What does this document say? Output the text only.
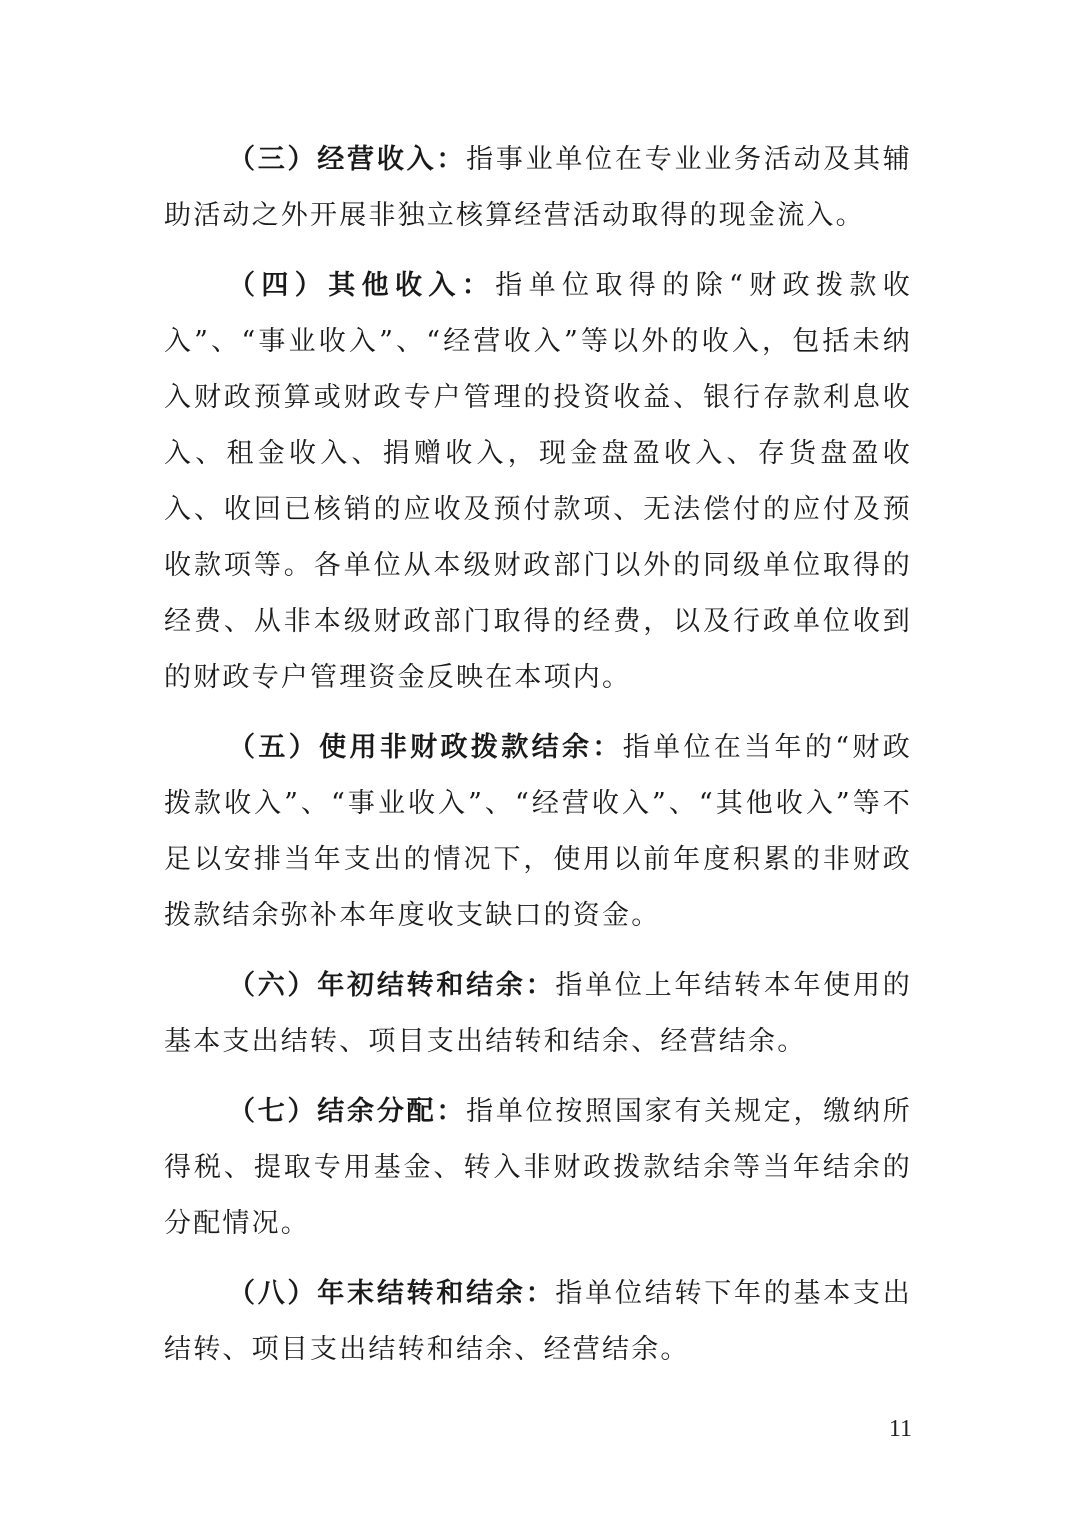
（三）经营收入：指事业单位在专业业务活动及其辅助活动之外开展非独立核算经营活动取得的现金流入。

（四）其他收入：指单位取得的除“财政拨款收入”、“事业收入”、“经营收入”等以外的收入，包括未纳入财政预算或财政专户管理的投资收益、银行存款利息收入、租金收入、捐赠收入，现金盘盈收入、存货盘盈收入、收回已核销的应收及预付款项、无法偿付的应付及预收款项等。各单位从本级财政部门以外的同级单位取得的经费、从非本级财政部门取得的经费，以及行政单位收到的财政专户管理资金反映在本项内。

（五）使用非财政拨款结余：指单位在当年的“财政拨款收入”、“事业收入”、“经营收入”、“其他收入”等不足以安排当年支出的情况下，使用以前年度积累的非财政拨款结余弥补本年度收支缺口的资金。

（六）年初结转和结余：指单位上年结转本年使用的基本支出结转、项目支出结转和结余、经营结余。

（七）结余分配：指单位按照国家有关规定，缴纳所得税、提取专用基金、转入非财政拨款结余等当年结余的分配情况。

（八）年末结转和结余：指单位结转下年的基本支出结转、项目支出结转和结余、经营结余。

11
